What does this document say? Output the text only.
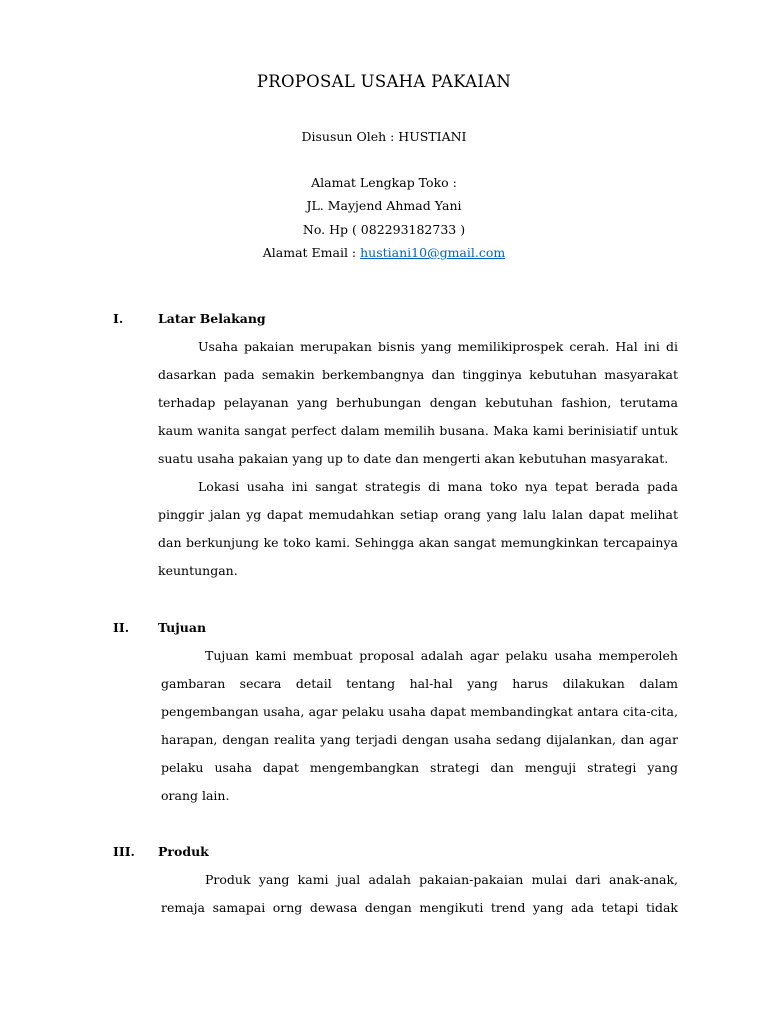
PROPOSAL USAHA PAKAIAN
Disusun Oleh : HUSTIANI
Alamat Lengkap Toko :
JL. Mayjend Ahmad Yani
No. Hp ( 082293182733 )
Alamat Email : hustiani10@gmail.com
I.	Latar Belakang

Usaha pakaian merupakan bisnis yang memilikiprospek cerah. Hal ini di dasarkan pada semakin berkembangnya dan tingginya kebutuhan masyarakat terhadap pelayanan yang berhubungan dengan kebutuhan fashion, terutama kaum wanita sangat perfect dalam memilih busana. Maka kami berinisiatif untuk

suatu usaha pakaian yang up to date dan mengerti akan kebutuhan masyarakat.

Lokasi usaha ini sangat strategis di mana toko nya tepat berada pada pinggir jalan yg dapat memudahkan setiap orang yang lalu lalan dapat melihat dan berkunjung ke toko kami. Sehingga akan sangat memungkinkan tercapainya

keuntungan.

II. Tujuan

Tujuan kami membuat proposal adalah agar pelaku usaha memperoleh gambaran secara detail tentang hal-hal yang harus dilakukan dalam pengembangan usaha, agar pelaku usaha dapat membandingkat antara cita-cita, harapan, dengan realita yang terjadi dengan usaha sedang dijalankan, dan agar pelaku usaha dapat mengembangkan strategi dan menguji strategi yang

orang lain.

III. Produk

Produk yang kami jual adalah pakaian-pakaian mulai dari anak-anak, remaja samapai orng dewasa dengan mengikuti trend yang ada tetapi tidak
